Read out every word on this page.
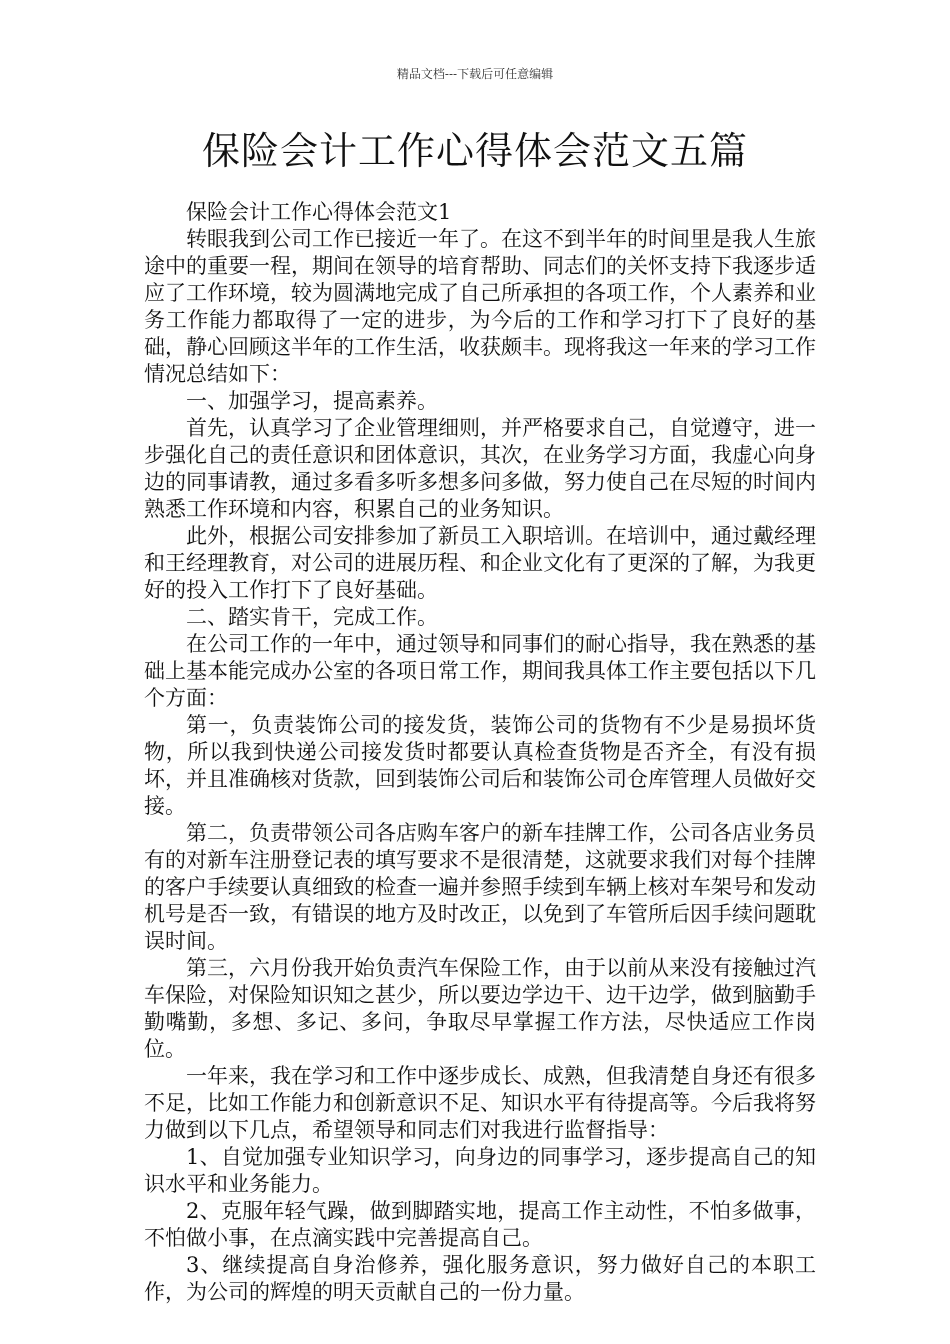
精品文档---下载后可任意编辑
保险会计工作心得体会范文五篇

保险会计工作心得体会范文1

转眼我到公司工作已接近一年了。在这不到半年的时间里是我人生旅途中的重要一程，期间在领导的培育帮助、同志们的关怀支持下我逐步适应了工作环境，较为圆满地完成了自己所承担的各项工作，个人素养和业务工作能力都取得了一定的进步，为今后的工作和学习打下了良好的基础，静心回顾这半年的工作生活，收获颇丰。现将我这一年来的学习工作情况总结如下：

一、加强学习，提高素养。

首先，认真学习了企业管理细则，并严格要求自己，自觉遵守，进一步强化自己的责任意识和团体意识，其次，在业务学习方面，我虚心向身边的同事请教，通过多看多听多想多问多做，努力使自己在尽短的时间内熟悉工作环境和内容，积累自己的业务知识。

此外，根据公司安排参加了新员工入职培训。在培训中，通过戴经理和王经理教育，对公司的进展历程、和企业文化有了更深的了解，为我更好的投入工作打下了良好基础。

二、踏实肯干，完成工作。

在公司工作的一年中，通过领导和同事们的耐心指导，我在熟悉的基础上基本能完成办公室的各项日常工作，期间我具体工作主要包括以下几个方面：

第一，负责装饰公司的接发货，装饰公司的货物有不少是易损坏货物，所以我到快递公司接发货时都要认真检查货物是否齐全，有没有损坏，并且准确核对货款，回到装饰公司后和装饰公司仓库管理人员做好交接。

第二，负责带领公司各店购车客户的新车挂牌工作，公司各店业务员有的对新车注册登记表的填写要求不是很清楚，这就要求我们对每个挂牌的客户手续要认真细致的检查一遍并参照手续到车辆上核对车架号和发动机号是否一致，有错误的地方及时改正，以免到了车管所后因手续问题耽误时间。

第三，六月份我开始负责汽车保险工作，由于以前从来没有接触过汽车保险，对保险知识知之甚少，所以要边学边干、边干边学，做到脑勤手勤嘴勤，多想、多记、多问，争取尽早掌握工作方法，尽快适应工作岗位。

一年来，我在学习和工作中逐步成长、成熟，但我清楚自身还有很多不足，比如工作能力和创新意识不足、知识水平有待提高等。今后我将努力做到以下几点，希望领导和同志们对我进行监督指导：

1、自觉加强专业知识学习，向身边的同事学习，逐步提高自己的知识水平和业务能力。

2、克服年轻气躁，做到脚踏实地，提高工作主动性，不怕多做事，不怕做小事，在点滴实践中完善提高自己。

3、继续提高自身治修养，强化服务意识，努力做好自己的本职工作，为公司的辉煌的明天贡献自己的一份力量。
